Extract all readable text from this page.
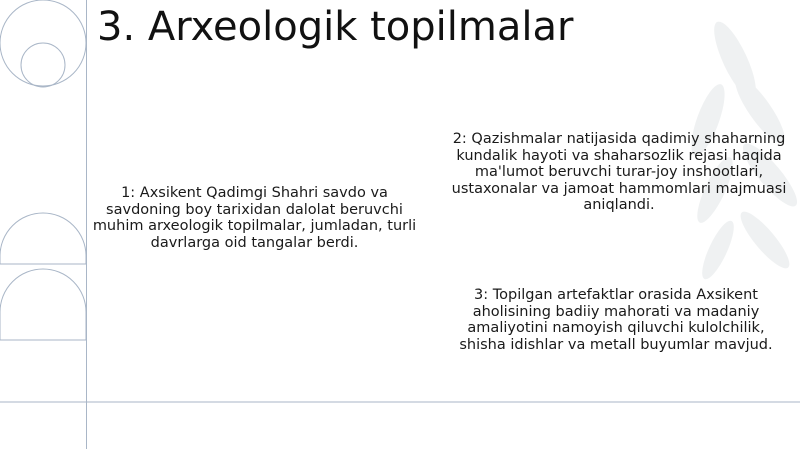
3. Arxeologik topilmalar
1: Axsikent Qadimgi Shahri savdo va savdoning boy tarixidan dalolat beruvchi muhim arxeologik topilmalar, jumladan, turli davrlarga oid tangalar berdi.
2: Qazishmalar natijasida qadimiy shaharning kundalik hayoti va shaharsozlik rejasi haqida ma'lumot beruvchi turar-joy inshootlari, ustaxonalar va jamoat hammomlari majmuasi aniqlandi.
3: Topilgan artefaktlar orasida Axsikent aholisining badiiy mahorati va madaniy amaliyotini namoyish qiluvchi kulolchilik, shisha idishlar va metall buyumlar mavjud.
